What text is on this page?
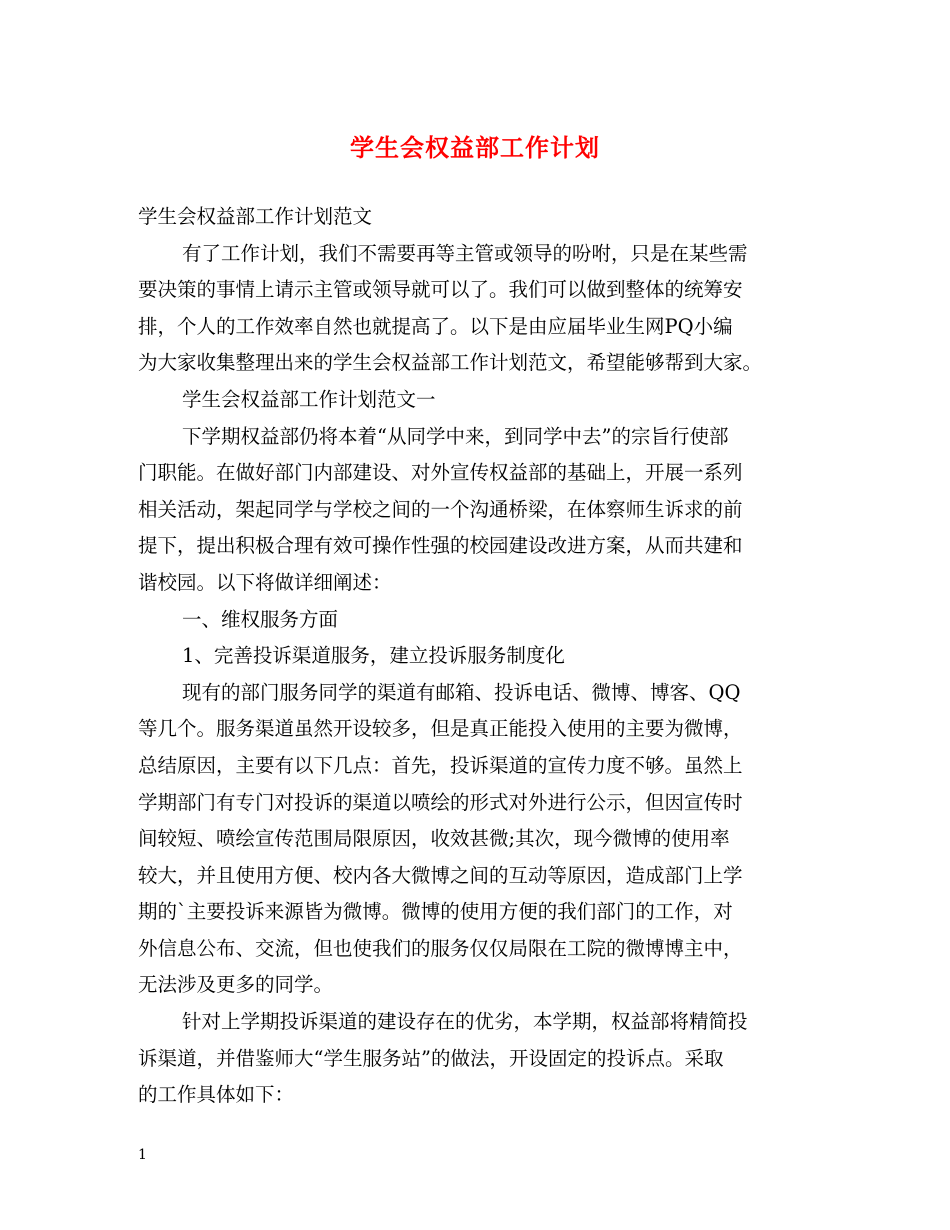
学生会权益部工作计划
学生会权益部工作计划范文
有了工作计划，我们不需要再等主管或领导的吩咐，只是在某些需
要决策的事情上请示主管或领导就可以了。我们可以做到整体的统筹安
排，个人的工作效率自然也就提高了。以下是由应届毕业生网PQ小编
为大家收集整理出来的学生会权益部工作计划范文，希望能够帮到大家。
学生会权益部工作计划范文一
下学期权益部仍将本着“从同学中来，到同学中去”的宗旨行使部
门职能。在做好部门内部建设、对外宣传权益部的基础上，开展一系列
相关活动，架起同学与学校之间的一个沟通桥梁，在体察师生诉求的前
提下，提出积极合理有效可操作性强的校园建设改进方案，从而共建和
谐校园。以下将做详细阐述：
一、维权服务方面
1、完善投诉渠道服务，建立投诉服务制度化
现有的部门服务同学的渠道有邮箱、投诉电话、微博、博客、QQ
等几个。服务渠道虽然开设较多，但是真正能投入使用的主要为微博，
总结原因，主要有以下几点：首先，投诉渠道的宣传力度不够。虽然上
学期部门有专门对投诉的渠道以喷绘的形式对外进行公示，但因宣传时
间较短、喷绘宣传范围局限原因，收效甚微;其次，现今微博的使用率
较大，并且使用方便、校内各大微博之间的互动等原因，造成部门上学
期的`主要投诉来源皆为微博。微博的使用方便的我们部门的工作，对
外信息公布、交流，但也使我们的服务仅仅局限在工院的微博博主中，
无法涉及更多的同学。
针对上学期投诉渠道的建设存在的优劣，本学期，权益部将精简投
诉渠道，并借鉴师大“学生服务站”的做法，开设固定的投诉点。采取
的工作具体如下：
1
